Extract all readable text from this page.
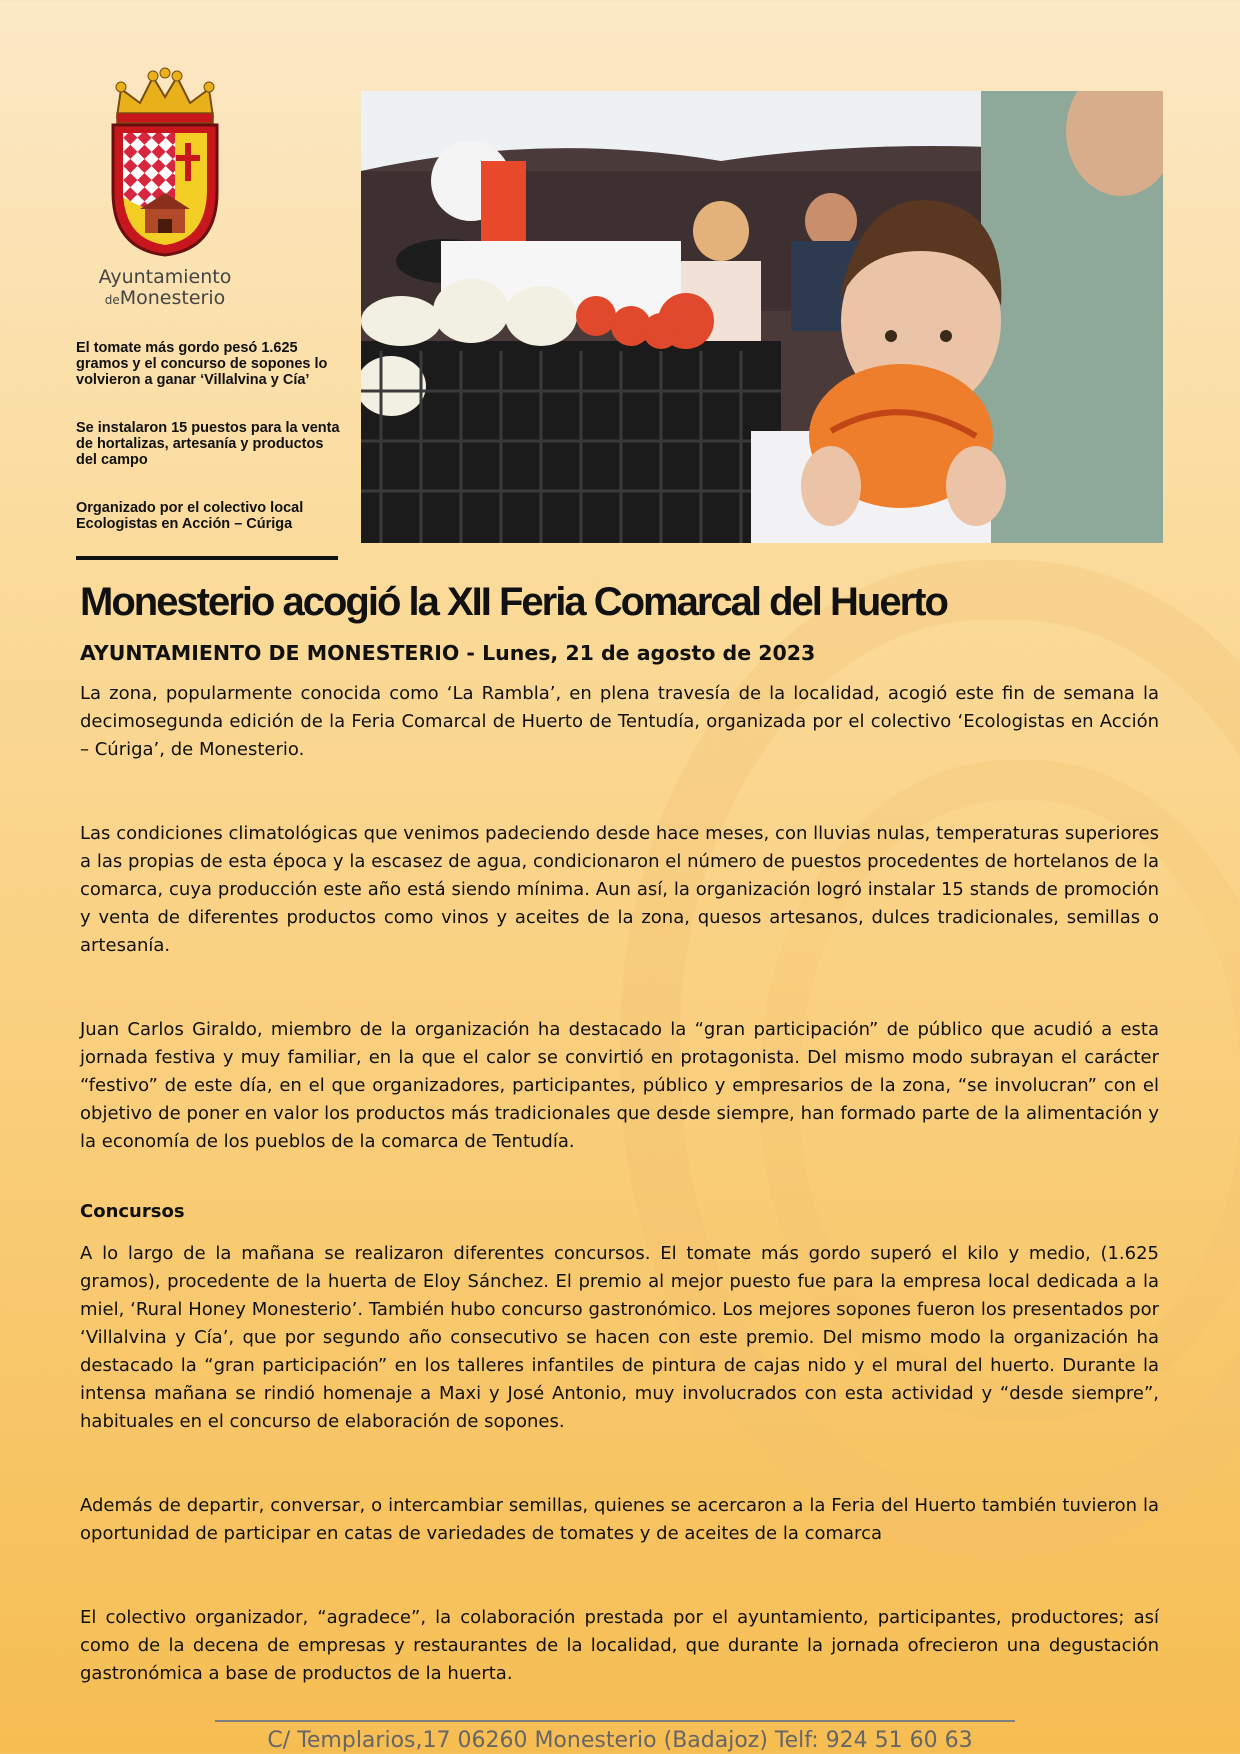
Ayuntamiento
deMonesterio

El tomate más gordo pesó 1.625 gramos y el concurso de sopones lo volvieron a ganar ‘Villalvina y Cía’

Se instalaron 15 puestos para la venta de hortalizas, artesanía y productos del campo

Organizado por el colectivo local Ecologistas en Acción – Cúriga

Monesterio acogió la XII Feria Comarcal del Huerto
AYUNTAMIENTO DE MONESTERIO - Lunes, 21 de agosto de 2023

La zona, popularmente conocida como ‘La Rambla’, en plena travesía de la localidad, acogió este fin de semana la decimosegunda edición de la Feria Comarcal de Huerto de Tentudía, organizada por el colectivo ‘Ecologistas en Acción – Cúriga’, de Monesterio.

Las condiciones climatológicas que venimos padeciendo desde hace meses, con lluvias nulas, temperaturas superiores a las propias de esta época y la escasez de agua, condicionaron el número de puestos procedentes de hortelanos de la comarca, cuya producción este año está siendo mínima. Aun así, la organización logró instalar 15 stands de promoción y venta de diferentes productos como vinos y aceites de la zona, quesos artesanos, dulces tradicionales, semillas o artesanía.

Juan Carlos Giraldo, miembro de la organización ha destacado la “gran participación” de público que acudió a esta jornada festiva y muy familiar, en la que el calor se convirtió en protagonista. Del mismo modo subrayan el carácter “festivo” de este día, en el que organizadores, participantes, público y empresarios de la zona, “se involucran” con el objetivo de poner en valor los productos más tradicionales que desde siempre, han formado parte de la alimentación y la economía de los pueblos de la comarca de Tentudía.

Concursos

A lo largo de la mañana se realizaron diferentes concursos. El tomate más gordo superó el kilo y medio, (1.625 gramos), procedente de la huerta de Eloy Sánchez. El premio al mejor puesto fue para la empresa local dedicada a la miel, ‘Rural Honey Monesterio’. También hubo concurso gastronómico. Los mejores sopones fueron los presentados por ‘Villalvina y Cía’, que por segundo año consecutivo se hacen con este premio. Del mismo modo la organización ha destacado la “gran participación” en los talleres infantiles de pintura de cajas nido y el mural del huerto. Durante la intensa mañana se rindió homenaje a Maxi y José Antonio, muy involucrados con esta actividad y “desde siempre”, habituales en el concurso de elaboración de sopones.

Además de departir, conversar, o intercambiar semillas, quienes se acercaron a la Feria del Huerto también tuvieron la oportunidad de participar en catas de variedades de tomates y de aceites de la comarca

El colectivo organizador, “agradece”, la colaboración prestada por el ayuntamiento, participantes, productores; así como de la decena de empresas y restaurantes de la localidad, que durante la jornada ofrecieron una degustación gastronómica a base de productos de la huerta.

C/ Templarios,17 06260 Monesterio (Badajoz) Telf: 924 51 60 63
